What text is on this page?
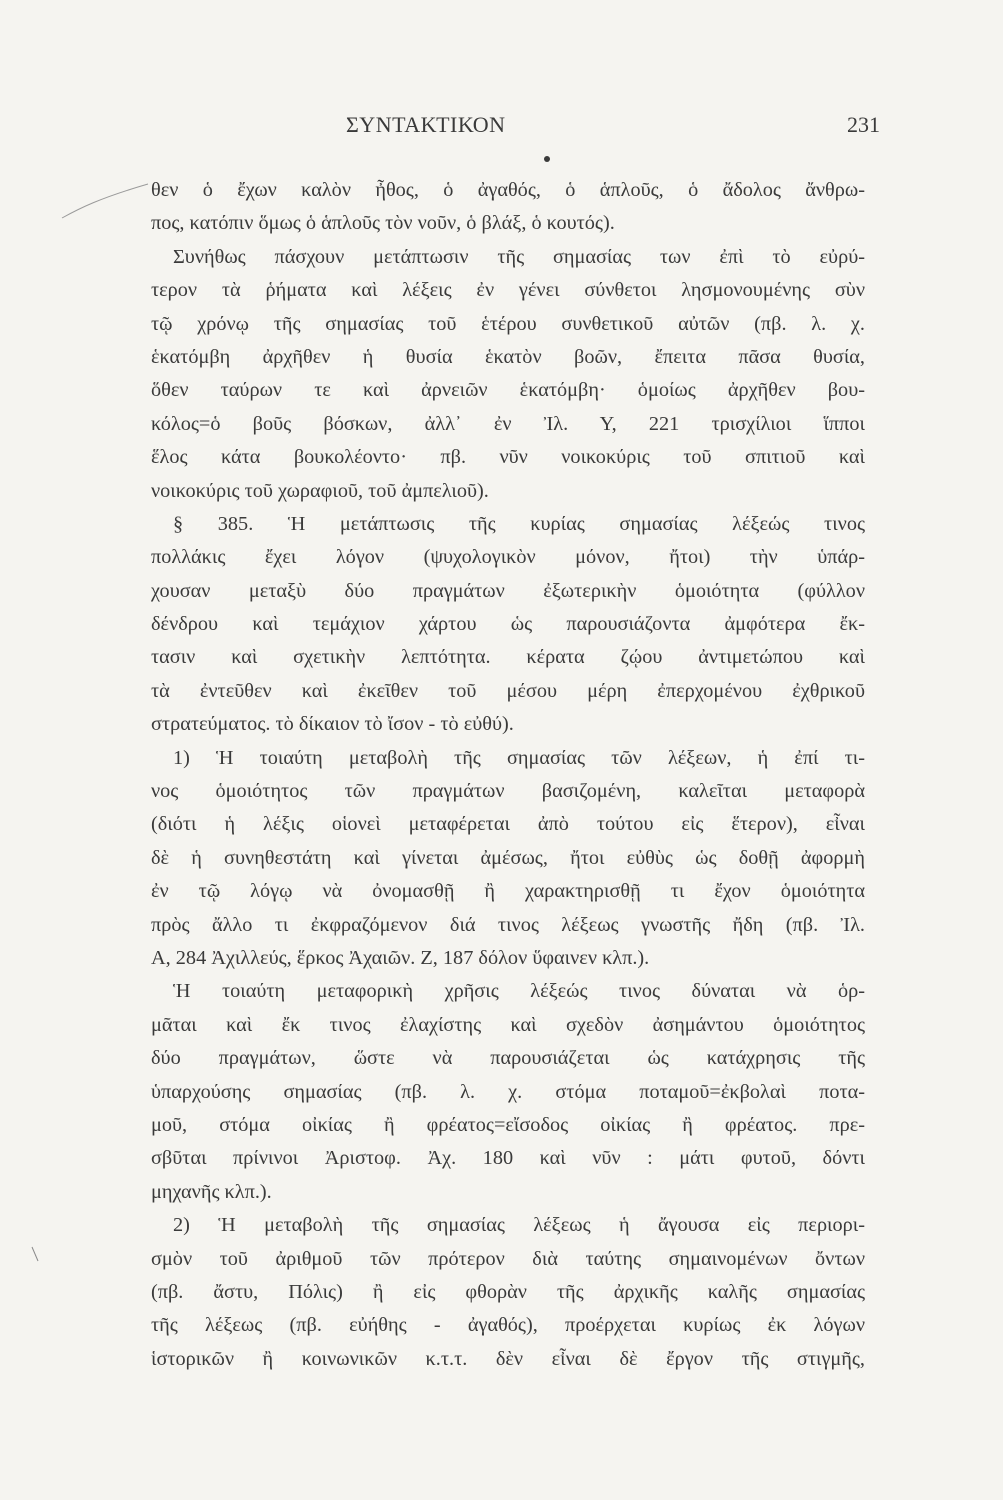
ΣΥΝΤΑΚΤΙΚΟΝ	231
θεν ὁ ἔχων καλὸν ἦθος, ὁ ἀγαθός, ὁ ἁπλοῦς, ὁ ἄδολος ἄνθρω-
πος, κατόπιν ὅμως ὁ ἁπλοῦς τὸν νοῦν, ὁ βλάξ, ὁ κουτός).
Συνήθως πάσχουν μετάπτωσιν τῆς σημασίας των ἐπὶ τὸ εὐρύ-
τερον τὰ ῥήματα καὶ λέξεις ἐν γένει σύνθετοι λησμονουμένης σὺν
τῷ χρόνῳ τῆς σημασίας τοῦ ἑτέρου συνθετικοῦ αὐτῶν (πβ. λ. χ.
ἑκατόμβη ἀρχῆθεν ἡ θυσία ἑκατὸν βοῶν, ἔπειτα πᾶσα θυσία,
ὅθεν ταύρων τε καὶ ἀρνειῶν ἑκατόμβη· ὁμοίως ἀρχῆθεν βου-
κόλος=ὁ βοῦς βόσκων, ἀλλ᾽ ἐν Ἰλ. Υ, 221 τρισχίλιοι ἵπποι
ἕλος κάτα βουκολέοντο· πβ. νῦν νοικοκύρις τοῦ σπιτιοῦ καὶ
νοικοκύρις τοῦ χωραφιοῦ, τοῦ ἀμπελιοῦ).
§ 385. Ἡ μετάπτωσις τῆς κυρίας σημασίας λέξεώς τινος
πολλάκις ἔχει λόγον (ψυχολογικὸν μόνον, ἤτοι) τὴν ὑπάρ-
χουσαν μεταξὺ δύο πραγμάτων ἐξωτερικὴν ὁμοιότητα (φύλλον
δένδρου καὶ τεμάχιον χάρτου ὡς παρουσιάζοντα ἀμφότερα ἔκ-
τασιν καὶ σχετικὴν λεπτότητα. κέρατα ζῴου ἀντιμετώπου καὶ
τὰ ἐντεῦθεν καὶ ἐκεῖθεν τοῦ μέσου μέρη ἐπερχομένου ἐχθρικοῦ
στρατεύματος. τὸ δίκαιον τὸ ἴσον - τὸ εὐθύ).
1) Ἡ τοιαύτη μεταβολὴ τῆς σημασίας τῶν λέξεων, ἡ ἐπί τι-
νος ὁμοιότητος τῶν πραγμάτων βασιζομένη, καλεῖται μεταφορὰ
(διότι ἡ λέξις οἱονεὶ μεταφέρεται ἀπὸ τούτου εἰς ἕτερον), εἶναι
δὲ ἡ συνηθεστάτη καὶ γίνεται ἀμέσως, ἤτοι εὐθὺς ὡς δοθῇ ἀφορμὴ
ἐν τῷ λόγῳ νὰ ὀνομασθῇ ἢ χαρακτηρισθῇ τι ἔχον ὁμοιότητα
πρὸς ἄλλο τι ἐκφραζόμενον διά τινος λέξεως γνωστῆς ἤδη (πβ. Ἰλ.
Α, 284 Ἀχιλλεύς, ἕρκος Ἀχαιῶν. Ζ, 187 δόλον ὕφαινεν κλπ.).
Ἡ τοιαύτη μεταφορικὴ χρῆσις λέξεώς τινος δύναται νὰ ὁρ-
μᾶται καὶ ἔκ τινος ἐλαχίστης καὶ σχεδὸν ἀσημάντου ὁμοιότητος
δύο πραγμάτων, ὥστε νὰ παρουσιάζεται ὡς κατάχρησις τῆς
ὑπαρχούσης σημασίας (πβ. λ. χ. στόμα ποταμοῦ=ἐκβολαὶ ποτα-
μοῦ, στόμα οἰκίας ἢ φρέατος=εἴσοδος οἰκίας ἢ φρέατος. πρε-
σβῦται πρίνινοι Ἀριστοφ. Ἀχ. 180 καὶ νῦν : μάτι φυτοῦ, δόντι
μηχανῆς κλπ.).
2) Ἡ μεταβολὴ τῆς σημασίας λέξεως ἡ ἄγουσα εἰς περιορι-
σμὸν τοῦ ἀριθμοῦ τῶν πρότερον διὰ ταύτης σημαινομένων ὄντων
(πβ. ἄστυ, Πόλις) ἢ εἰς φθορὰν τῆς ἀρχικῆς καλῆς σημασίας
τῆς λέξεως (πβ. εὐήθης - ἀγαθός), προέρχεται κυρίως ἐκ λόγων
ἱστορικῶν ἢ κοινωνικῶν κ.τ.τ. δὲν εἶναι δὲ ἔργον τῆς στιγμῆς,
